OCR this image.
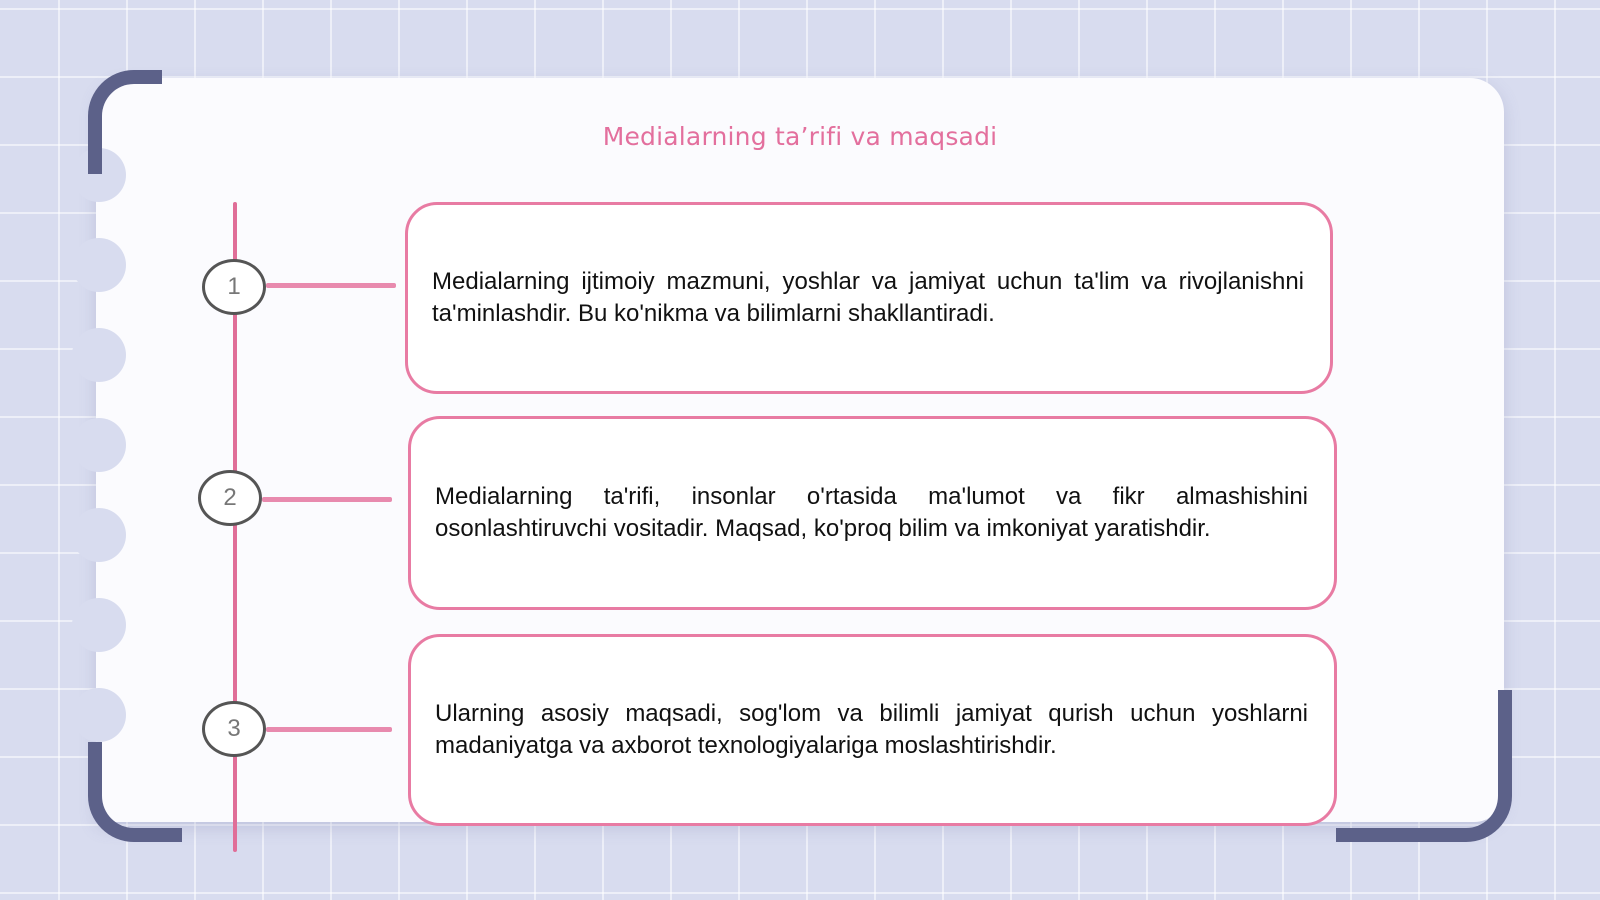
Medialarning ta’rifi va maqsadi
1	Medialarning ijtimoiy mazmuni, yoshlar va jamiyat uchun ta'lim va rivojlanishni ta'minlashdir. Bu ko'nikma va bilimlarni shakllantiradi.

2	Medialarning ta'rifi, insonlar o'rtasida ma'lumot va fikr almashishini osonlashtiruvchi vositadir. Maqsad, ko'proq bilim va imkoniyat yaratishdir.

3

Ularning asosiy maqsadi, sog'lom va bilimli jamiyat qurish uchun yoshlarni madaniyatga va axborot texnologiyalariga moslashtirishdir.
